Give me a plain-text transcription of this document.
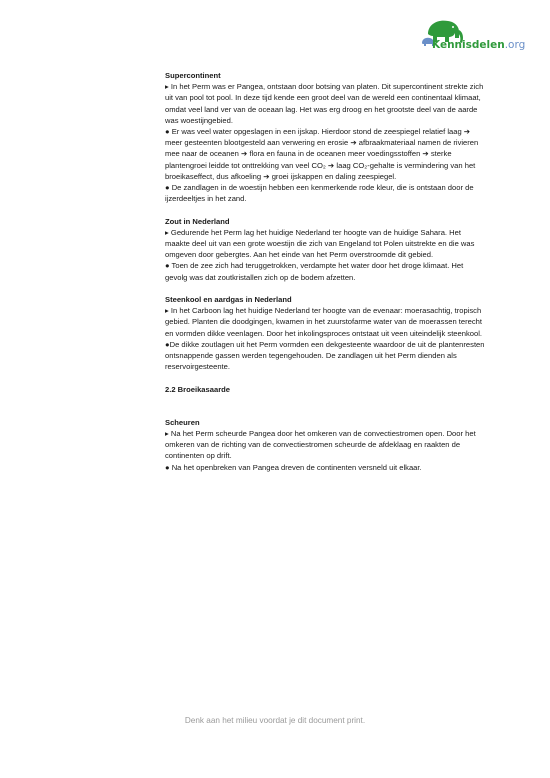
Kennisdelen.org

Supercontinent

▸ In het Perm was er Pangea, ontstaan door botsing van platen. Dit supercontinent strekte zich uit van pool tot pool. In deze tijd kende een groot deel van de wereld een continentaal klimaat, omdat veel land ver van de oceaan lag. Het was erg droog en het grootste deel van de aarde was woestijngebied.

● Er was veel water opgeslagen in een ijskap. Hierdoor stond de zeespiegel relatief laag ➔ meer gesteenten blootgesteld aan verwering en erosie ➔ afbraakmateriaal namen de rivieren mee naar de oceanen ➔ flora en fauna in de oceanen meer voedingsstoffen ➔ sterke plantengroei leidde tot onttrekking van veel CO₂ ➔ laag CO₂-gehalte is vermindering van het broeikaseffect, dus afkoeling ➔ groei ijskappen en daling zeespiegel.

● De zandlagen in de woestijn hebben een kenmerkende rode kleur, die is ontstaan door de ijzerdeeltjes in het zand.

Zout in Nederland

▸ Gedurende het Perm lag het huidige Nederland ter hoogte van de huidige Sahara. Het maakte deel uit van een grote woestijn die zich van Engeland tot Polen uitstrekte en die was omgeven door gebergtes. Aan het einde van het Perm overstroomde dit gebied.

● Toen de zee zich had teruggetrokken, verdampte het water door het droge klimaat. Het gevolg was dat zoutkristallen zich op de bodem afzetten.

Steenkool en aardgas in Nederland

▸ In het Carboon lag het huidige Nederland ter hoogte van de evenaar: moerasachtig, tropisch gebied. Planten die doodgingen, kwamen in het zuurstofarme water van de moerassen terecht en vormden dikke veenlagen. Door het inkolingsproces ontstaat uit veen uiteindelijk steenkool.

●De dikke zoutlagen uit het Perm vormden een dekgesteente waardoor de uit de plantenresten ontsnappende gassen werden tegengehouden. De zandlagen uit het Perm dienden als reservoirgesteente.

2.2 Broeikasaarde

Scheuren

▸ Na het Perm scheurde Pangea door het omkeren van de convectiestromen open. Door het omkeren van de richting van de convectiestromen scheurde de afdeklaag en raakten de continenten op drift.

● Na het openbreken van Pangea dreven de continenten versneld uit elkaar.

Denk aan het milieu voordat je dit document print.
